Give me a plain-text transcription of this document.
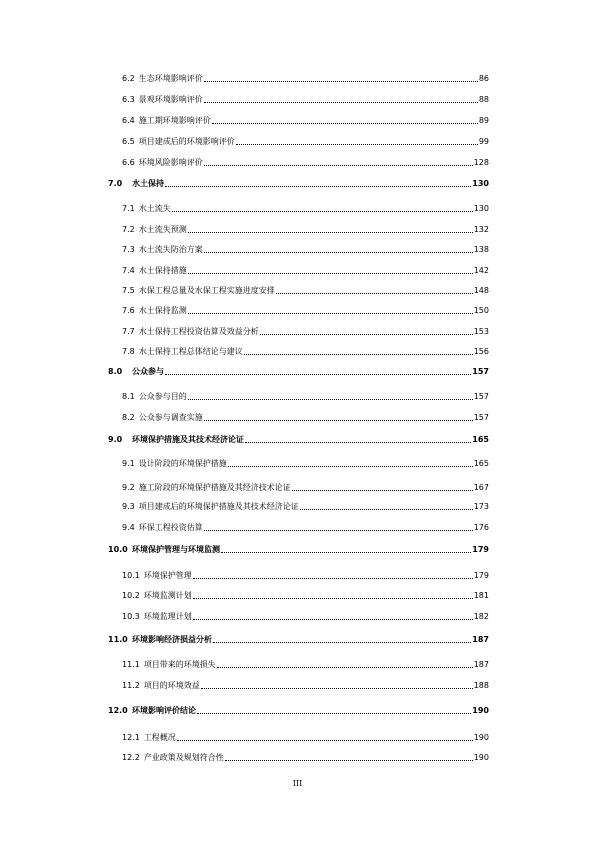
6.2 生态环境影响评价	86
6.3 景观环境影响评价	88
6.4 施工期环境影响评价	89
6.5 项目建成后的环境影响评价	99
6.6 环境风险影响评价	128
7.0	水土保持	130
7.1 水土流失	130
7.2 水土流失预测	132
7.3 水土流失防治方案	138
7.4 水土保持措施	142
7.5 水保工程总量及水保工程实施进度安排	148
7.6 水土保持监测	150
7.7 水土保持工程投资估算及效益分析	153
7.8 水土保持工程总体结论与建议	156
8.0	公众参与	157
8.1 公众参与目的	157
8.2 公众参与调查实施	157
9.0	环境保护措施及其技术经济论证	165
9.1 设计阶段的环境保护措施	165
9.2 施工阶段的环境保护措施及其经济技术论证	167
9.3 项目建成后的环境保护措施及其技术经济论证	173
9.4 环保工程投资估算	176
10.0 环境保护管理与环境监测	179
10.1 环境保护管理	179
10.2 环境监测计划	181
10.3 环境监理计划	182
11.0 环境影响经济损益分析	187
11.1 项目带来的环境损失	187
11.2 项目的环境效益	188
12.0 环境影响评价结论	190
12.1 工程概况	190
12.2 产业政策及规划符合性	190
III
